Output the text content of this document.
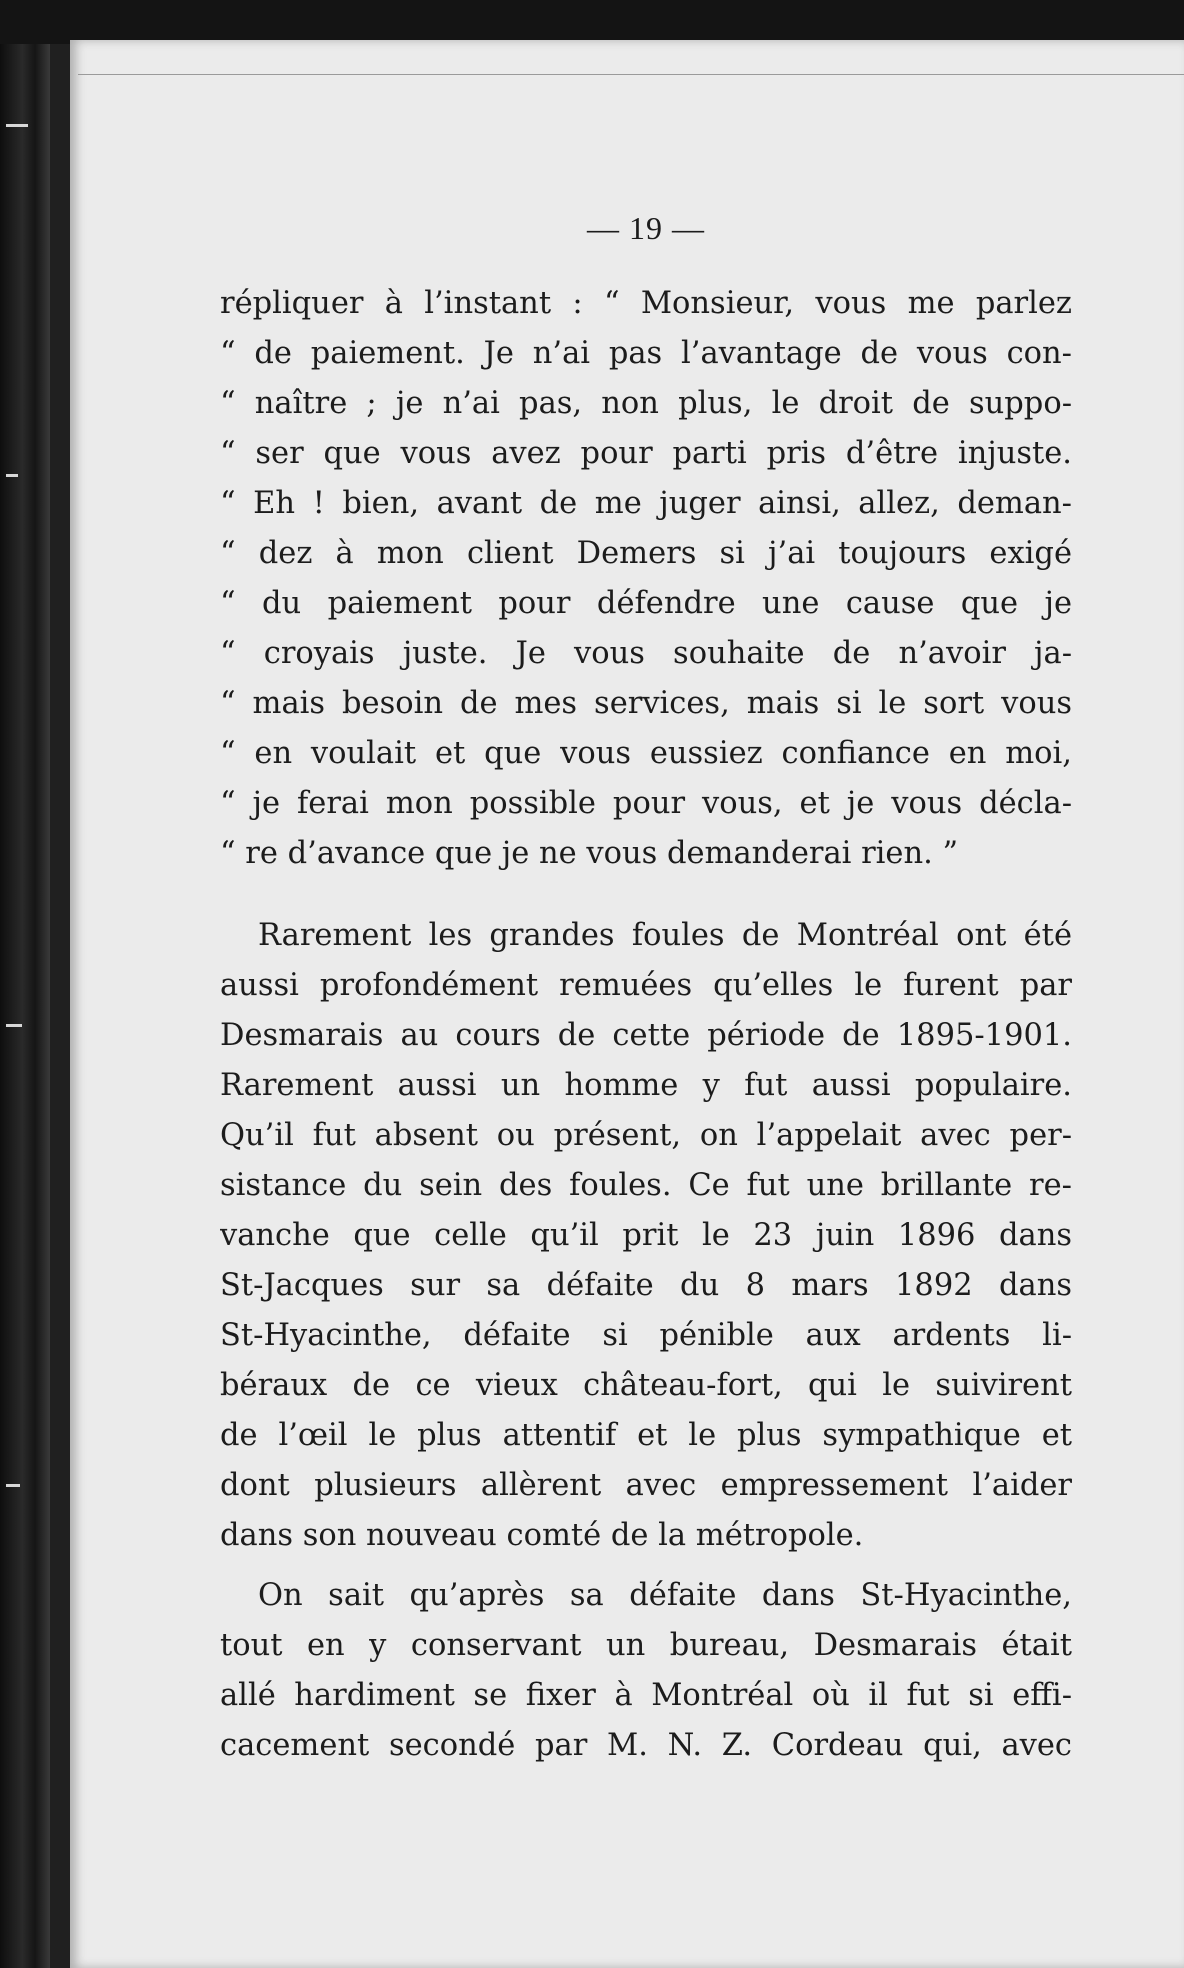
— 19 —
répliquer à l’instant : “ Monsieur, vous me parlez
“ de paiement. Je n’ai pas l’avantage de vous con-
“ naître ; je n’ai pas, non plus, le droit de suppo-
“ ser que vous avez pour parti pris d’être injuste.
“ Eh ! bien, avant de me juger ainsi, allez, deman-
“ dez à mon client Demers si j’ai toujours exigé
“ du paiement pour défendre une cause que je
“ croyais juste. Je vous souhaite de n’avoir ja-
“ mais besoin de mes services, mais si le sort vous
“ en voulait et que vous eussiez confiance en moi,
“ je ferai mon possible pour vous, et je vous décla-
“ re d’avance que je ne vous demanderai rien. ”
Rarement les grandes foules de Montréal ont été
aussi profondément remuées qu’elles le furent par
Desmarais au cours de cette période de 1895-1901.
Rarement aussi un homme y fut aussi populaire.
Qu’il fut absent ou présent, on l’appelait avec per-
sistance du sein des foules. Ce fut une brillante re-
vanche que celle qu’il prit le 23 juin 1896 dans
St-Jacques sur sa défaite du 8 mars 1892 dans
St-Hyacinthe, défaite si pénible aux ardents li-
béraux de ce vieux château-fort, qui le suivirent
de l’œil le plus attentif et le plus sympathique et
dont plusieurs allèrent avec empressement l’aider
dans son nouveau comté de la métropole.
On sait qu’après sa défaite dans St-Hyacinthe,
tout en y conservant un bureau, Desmarais était
allé hardiment se fixer à Montréal où il fut si effi-
cacement secondé par M. N. Z. Cordeau qui, avec
